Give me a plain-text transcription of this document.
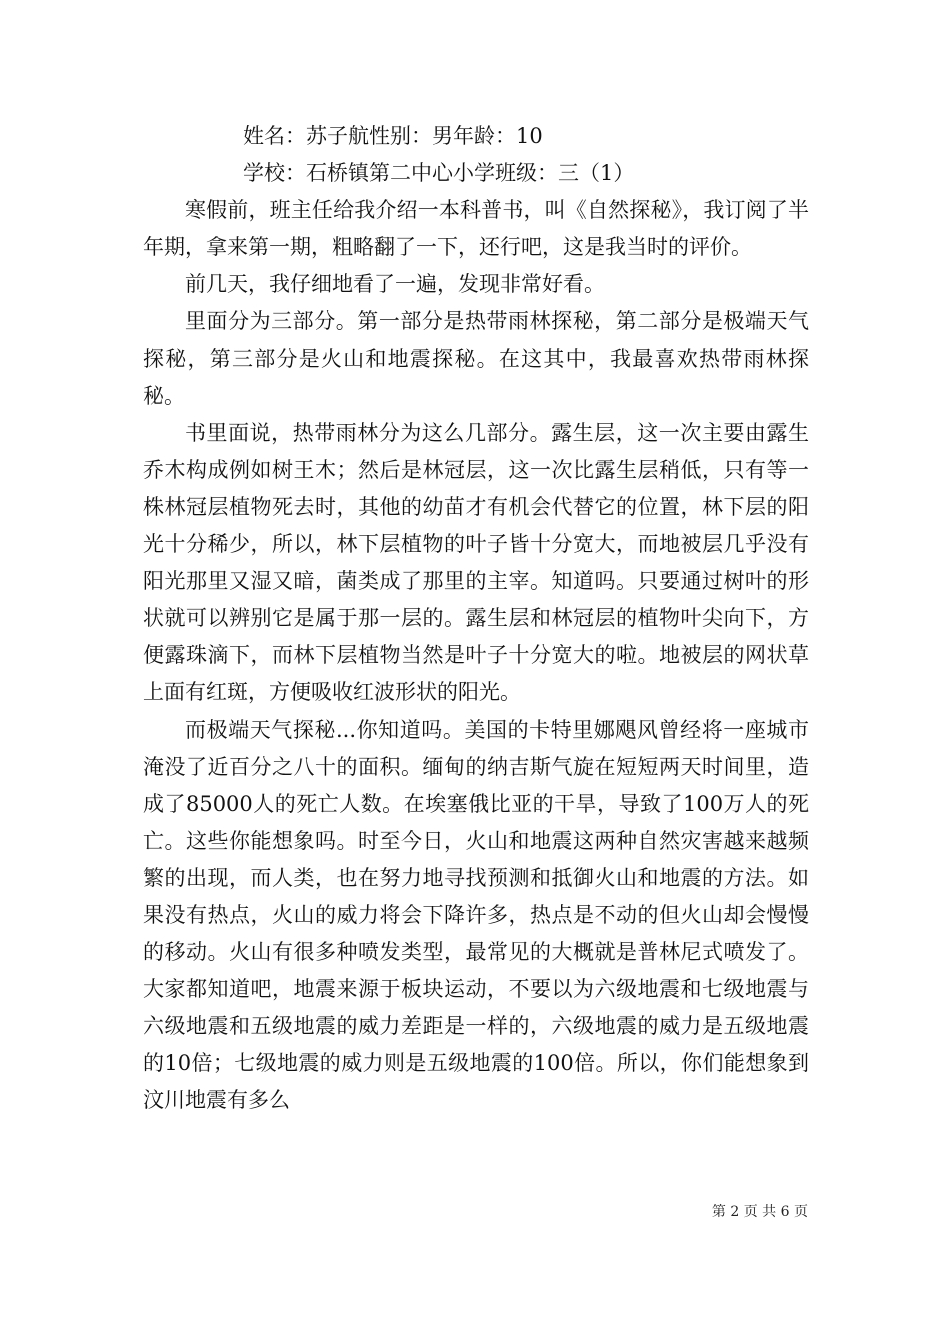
姓名：苏子航性别：男年龄：10

学校：石桥镇第二中心小学班级：三（1）

寒假前，班主任给我介绍一本科普书，叫《自然探秘》，我订阅了半年期，拿来第一期，粗略翻了一下，还行吧，这是我当时的评价。

前几天，我仔细地看了一遍，发现非常好看。

里面分为三部分。第一部分是热带雨林探秘，第二部分是极端天气探秘，第三部分是火山和地震探秘。在这其中，我最喜欢热带雨林探秘。

书里面说，热带雨林分为这么几部分。露生层，这一次主要由露生乔木构成例如树王木；然后是林冠层，这一次比露生层稍低，只有等一株林冠层植物死去时，其他的幼苗才有机会代替它的位置，林下层的阳光十分稀少，所以，林下层植物的叶子皆十分宽大，而地被层几乎没有阳光那里又湿又暗，菌类成了那里的主宰。知道吗。只要通过树叶的形状就可以辨别它是属于那一层的。露生层和林冠层的植物叶尖向下，方便露珠滴下，而林下层植物当然是叶子十分宽大的啦。地被层的网状草上面有红斑，方便吸收红波形状的阳光。

而极端天气探秘...你知道吗。美国的卡特里娜飓风曾经将一座城市淹没了近百分之八十的面积。缅甸的纳吉斯气旋在短短两天时间里，造成了85000人的死亡人数。在埃塞俄比亚的干旱，导致了100万人的死亡。这些你能想象吗。时至今日，火山和地震这两种自然灾害越来越频繁的出现，而人类，也在努力地寻找预测和抵御火山和地震的方法。如果没有热点，火山的威力将会下降许多，热点是不动的但火山却会慢慢的移动。火山有很多种喷发类型，最常见的大概就是普林尼式喷发了。大家都知道吧，地震来源于板块运动，不要以为六级地震和七级地震与六级地震和五级地震的威力差距是一样的，六级地震的威力是五级地震的10倍；七级地震的威力则是五级地震的100倍。所以，你们能想象到汶川地震有多么

第 2 页 共 6 页
